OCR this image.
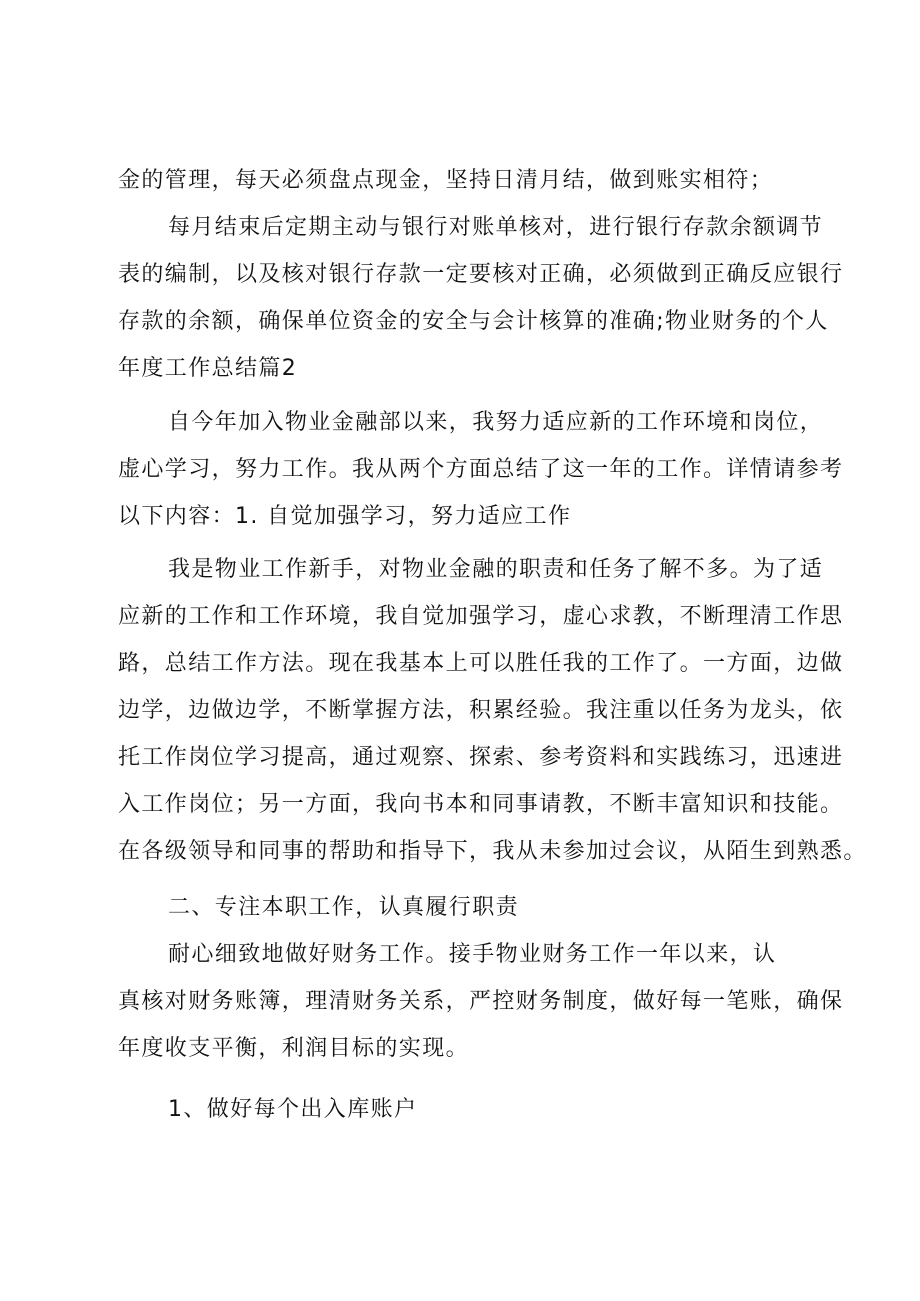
金的管理，每天必须盘点现金，坚持日清月结，做到账实相符；
每月结束后定期主动与银行对账单核对，进行银行存款余额调节
表的编制，以及核对银行存款一定要核对正确，必须做到正确反应银行
存款的余额，确保单位资金的安全与会计核算的准确;物业财务的个人
年度工作总结篇2
自今年加入物业金融部以来，我努力适应新的工作环境和岗位，
虚心学习，努力工作。我从两个方面总结了这一年的工作。详情请参考
以下内容：1. 自觉加强学习，努力适应工作
我是物业工作新手，对物业金融的职责和任务了解不多。为了适
应新的工作和工作环境，我自觉加强学习，虚心求教，不断理清工作思
路，总结工作方法。现在我基本上可以胜任我的工作了。一方面，边做
边学，边做边学，不断掌握方法，积累经验。我注重以任务为龙头，依
托工作岗位学习提高，通过观察、探索、参考资料和实践练习，迅速进
入工作岗位；另一方面，我向书本和同事请教，不断丰富知识和技能。
在各级领导和同事的帮助和指导下，我从未参加过会议，从陌生到熟悉。
二、专注本职工作，认真履行职责
耐心细致地做好财务工作。接手物业财务工作一年以来，认
真核对财务账簿，理清财务关系，严控财务制度，做好每一笔账，确保
年度收支平衡，利润目标的实现。
1、做好每个出入库账户
